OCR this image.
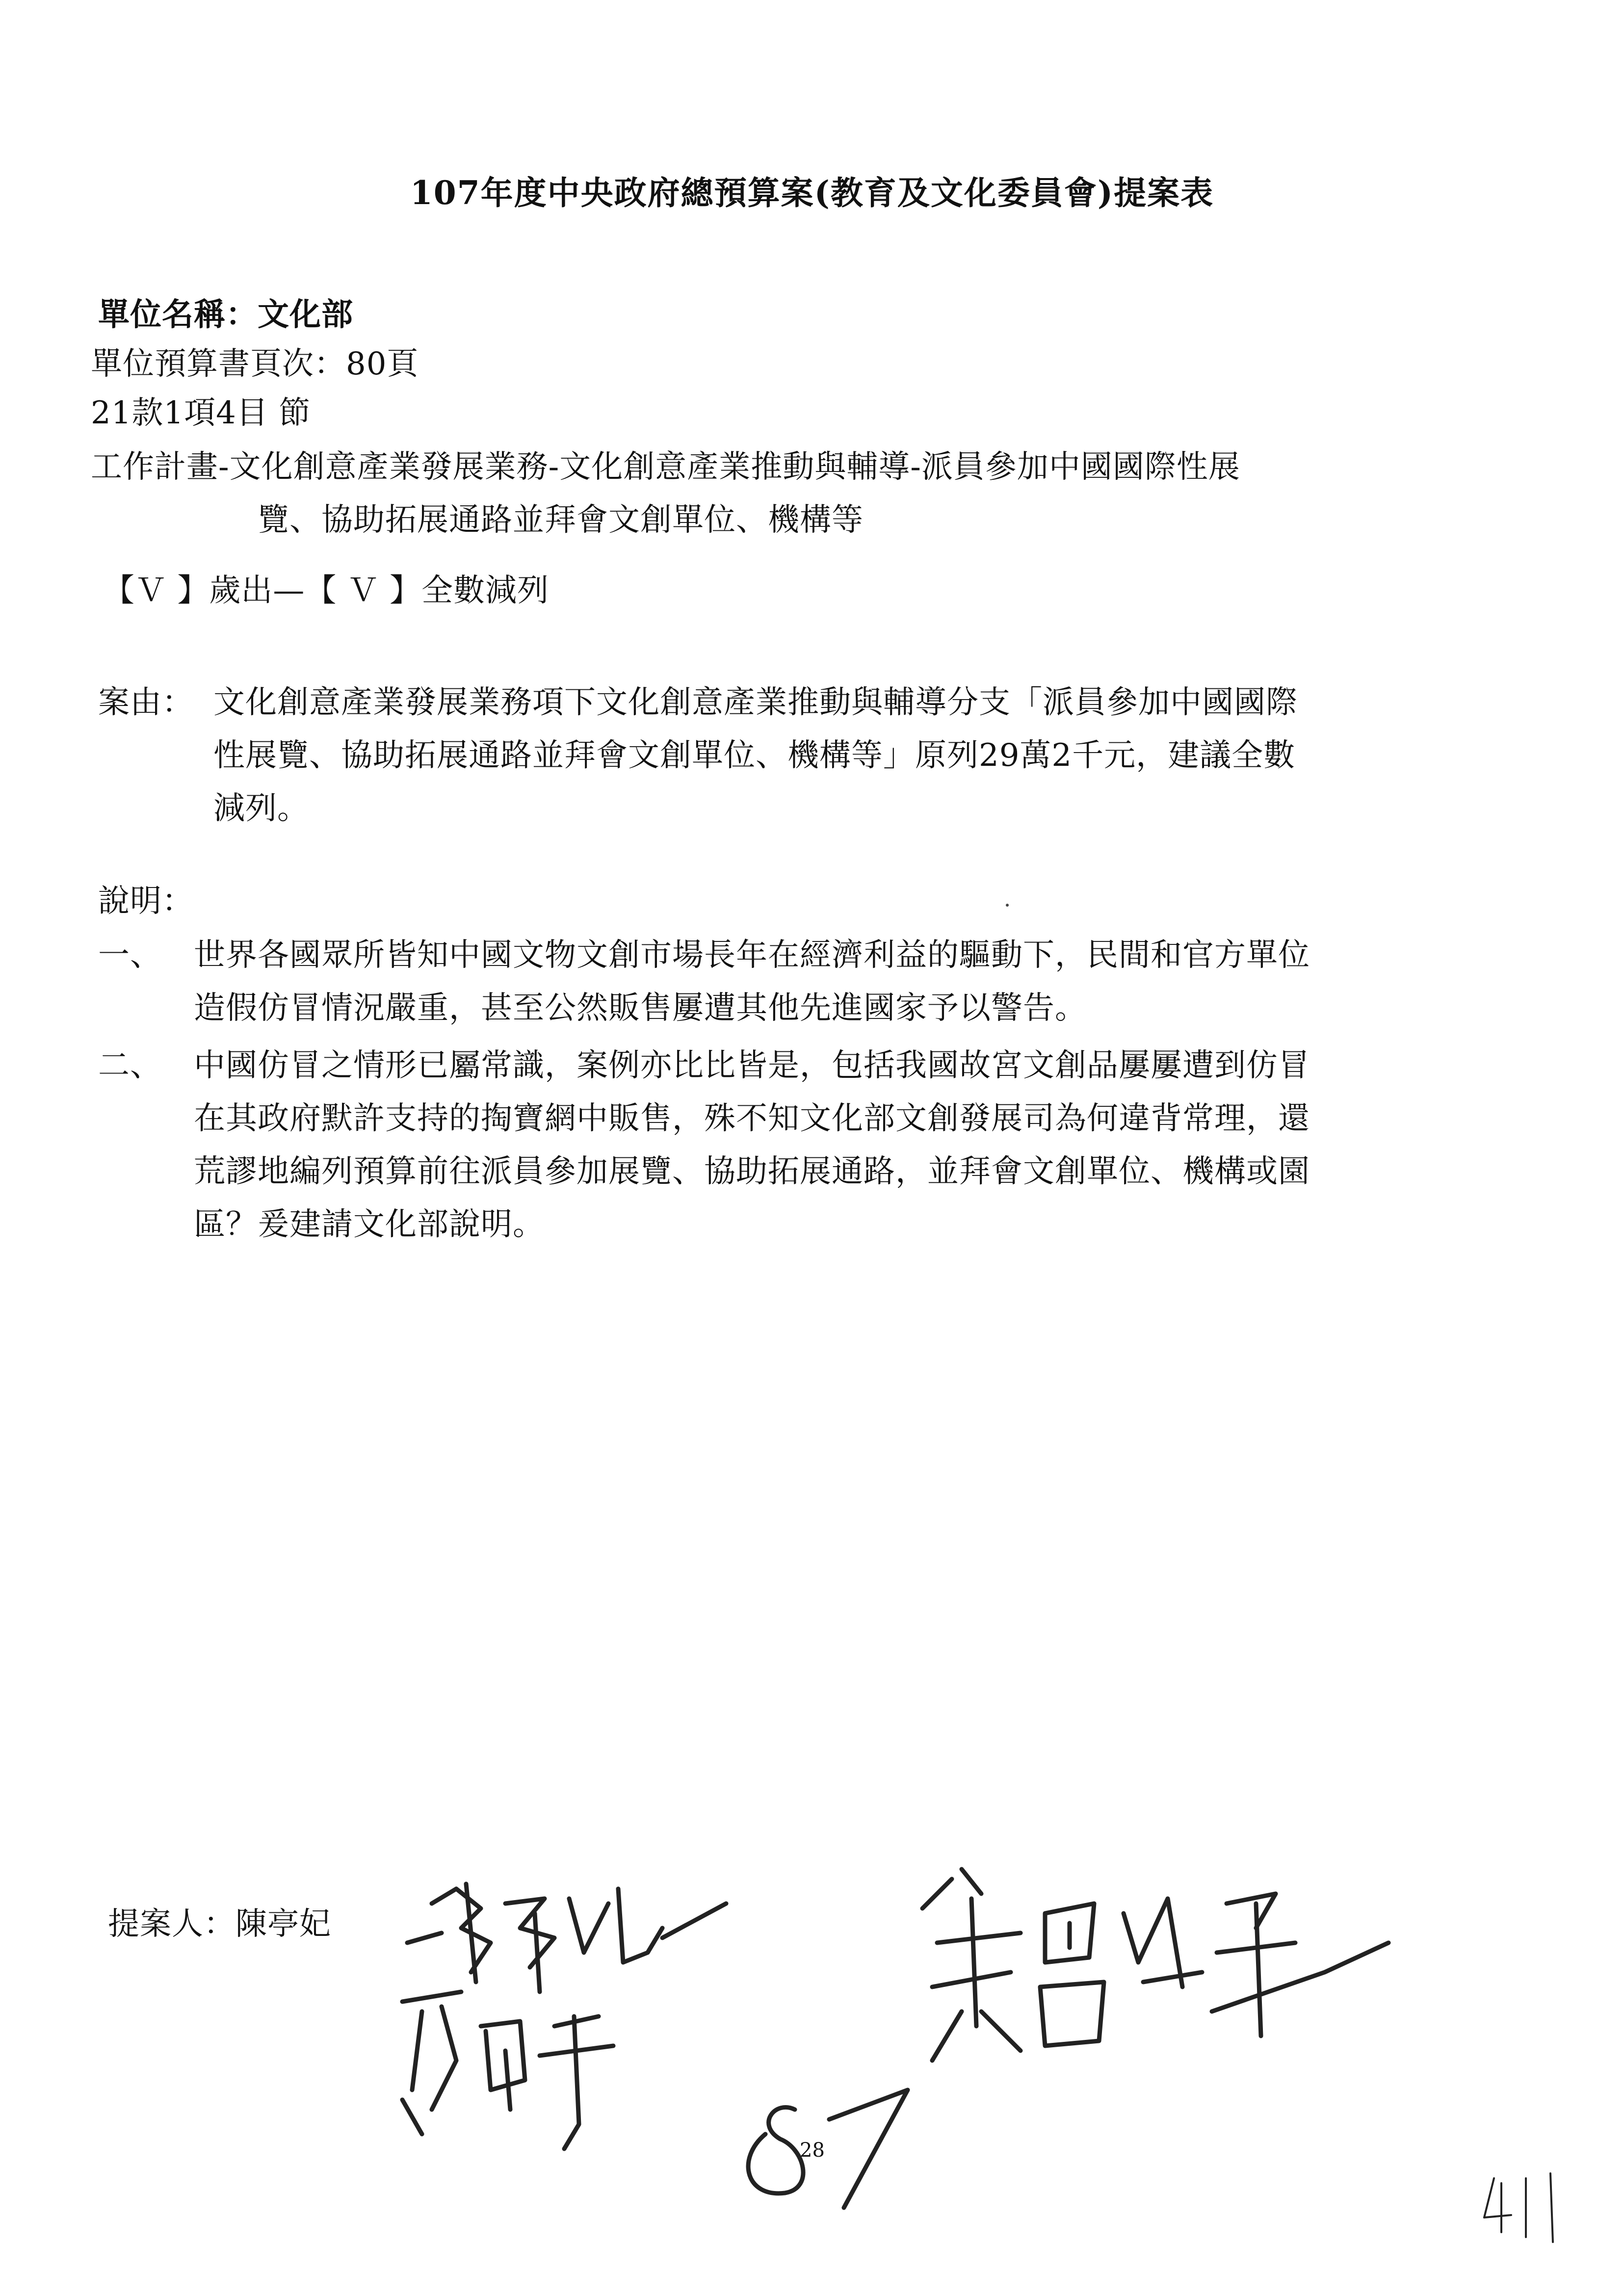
107年度中央政府總預算案(教育及文化委員會)提案表
單位名稱：文化部
單位預算書頁次：80頁
21款1項4目 節
工作計畫-文化創意產業發展業務-文化創意產業推動與輔導-派員參加中國國際性展
覽、協助拓展通路並拜會文創單位、機構等
【Ｖ 】歲出—【 Ｖ 】全數減列
案由： 文化創意產業發展業務項下文化創意產業推動與輔導分支「派員參加中國國際
性展覽、協助拓展通路並拜會文創單位、機構等」原列29萬2千元，建議全數
減列。
說明：
一、 世界各國眾所皆知中國文物文創市場長年在經濟利益的驅動下，民間和官方單位
造假仿冒情況嚴重，甚至公然販售屢遭其他先進國家予以警告。
二、 中國仿冒之情形已屬常識，案例亦比比皆是，包括我國故宮文創品屢屢遭到仿冒
在其政府默許支持的掏寶網中販售，殊不知文化部文創發展司為何違背常理，還
荒謬地編列預算前往派員參加展覽、協助拓展通路，並拜會文創單位、機構或園
區？爰建請文化部說明。
提案人：陳亭妃
28
